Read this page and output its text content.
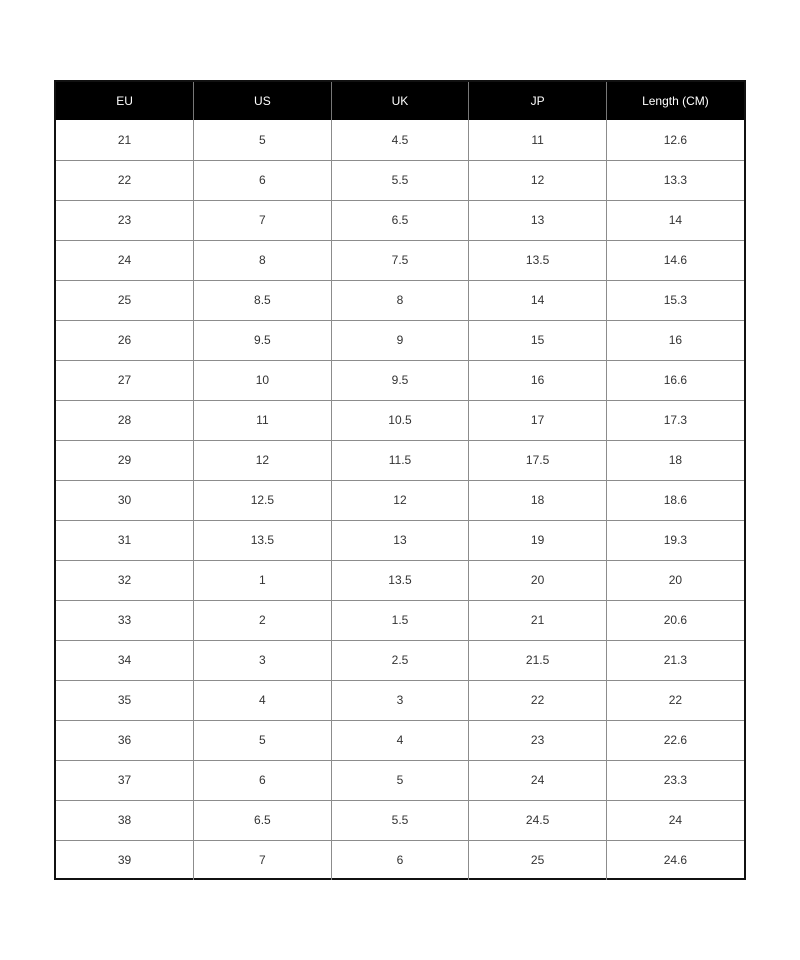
EU	US	UK	JP	Length (CM)
21	5	4.5	11	12.6
22	6	5.5	12	13.3
23	7	6.5	13	14
24	8	7.5	13.5	14.6
25	8.5	8	14	15.3
26	9.5	9	15	16
27	10	9.5	16	16.6
28	11	10.5	17	17.3
29	12	11.5	17.5	18
30	12.5	12	18	18.6
31	13.5	13	19	19.3
32	1	13.5	20	20
33	2	1.5	21	20.6
34	3	2.5	21.5	21.3
35	4	3	22	22
36	5	4	23	22.6
37	6	5	24	23.3
38	6.5	5.5	24.5	24
39	7	6	25	24.6
